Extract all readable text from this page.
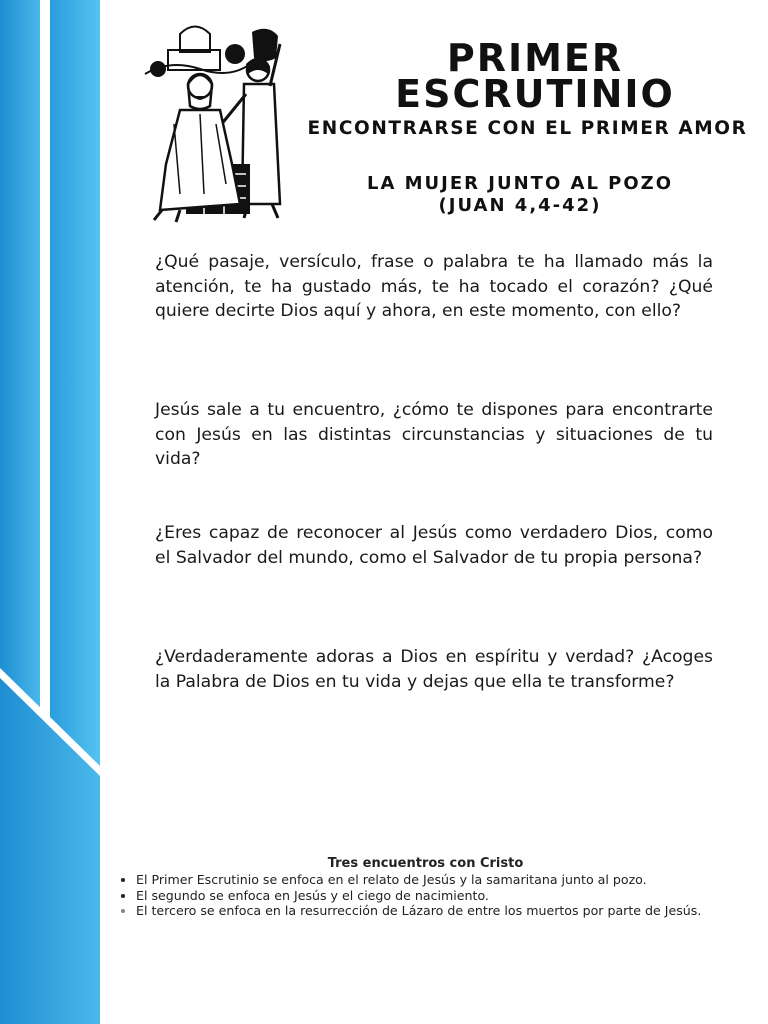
PRIMER
ESCRUTINIO
ENCONTRARSE CON EL PRIMER AMOR
LA MUJER JUNTO AL POZO
(JUAN 4,4-42)
¿Qué pasaje, versículo, frase o palabra te ha llamado más la atención, te ha gustado más, te ha tocado el corazón? ¿Qué quiere decirte Dios aquí y ahora, en este momento, con ello?
Jesús sale a tu encuentro, ¿cómo te dispones para encontrarte con Jesús en las distintas circunstancias y situaciones de tu vida?
¿Eres capaz de reconocer al Jesús como verdadero Dios, como el Salvador del mundo, como el Salvador de tu propia persona?
¿Verdaderamente adoras a Dios en espíritu y verdad? ¿Acoges la Palabra de Dios en tu vida y dejas que ella te transforme?
Tres encuentros con Cristo
• El Primer Escrutinio se enfoca en el relato de Jesús y la samaritana junto al pozo.
• El segundo se enfoca en Jesús y el ciego de nacimiento.
• El tercero se enfoca en la resurrección de Lázaro de entre los muertos por parte de Jesús.
